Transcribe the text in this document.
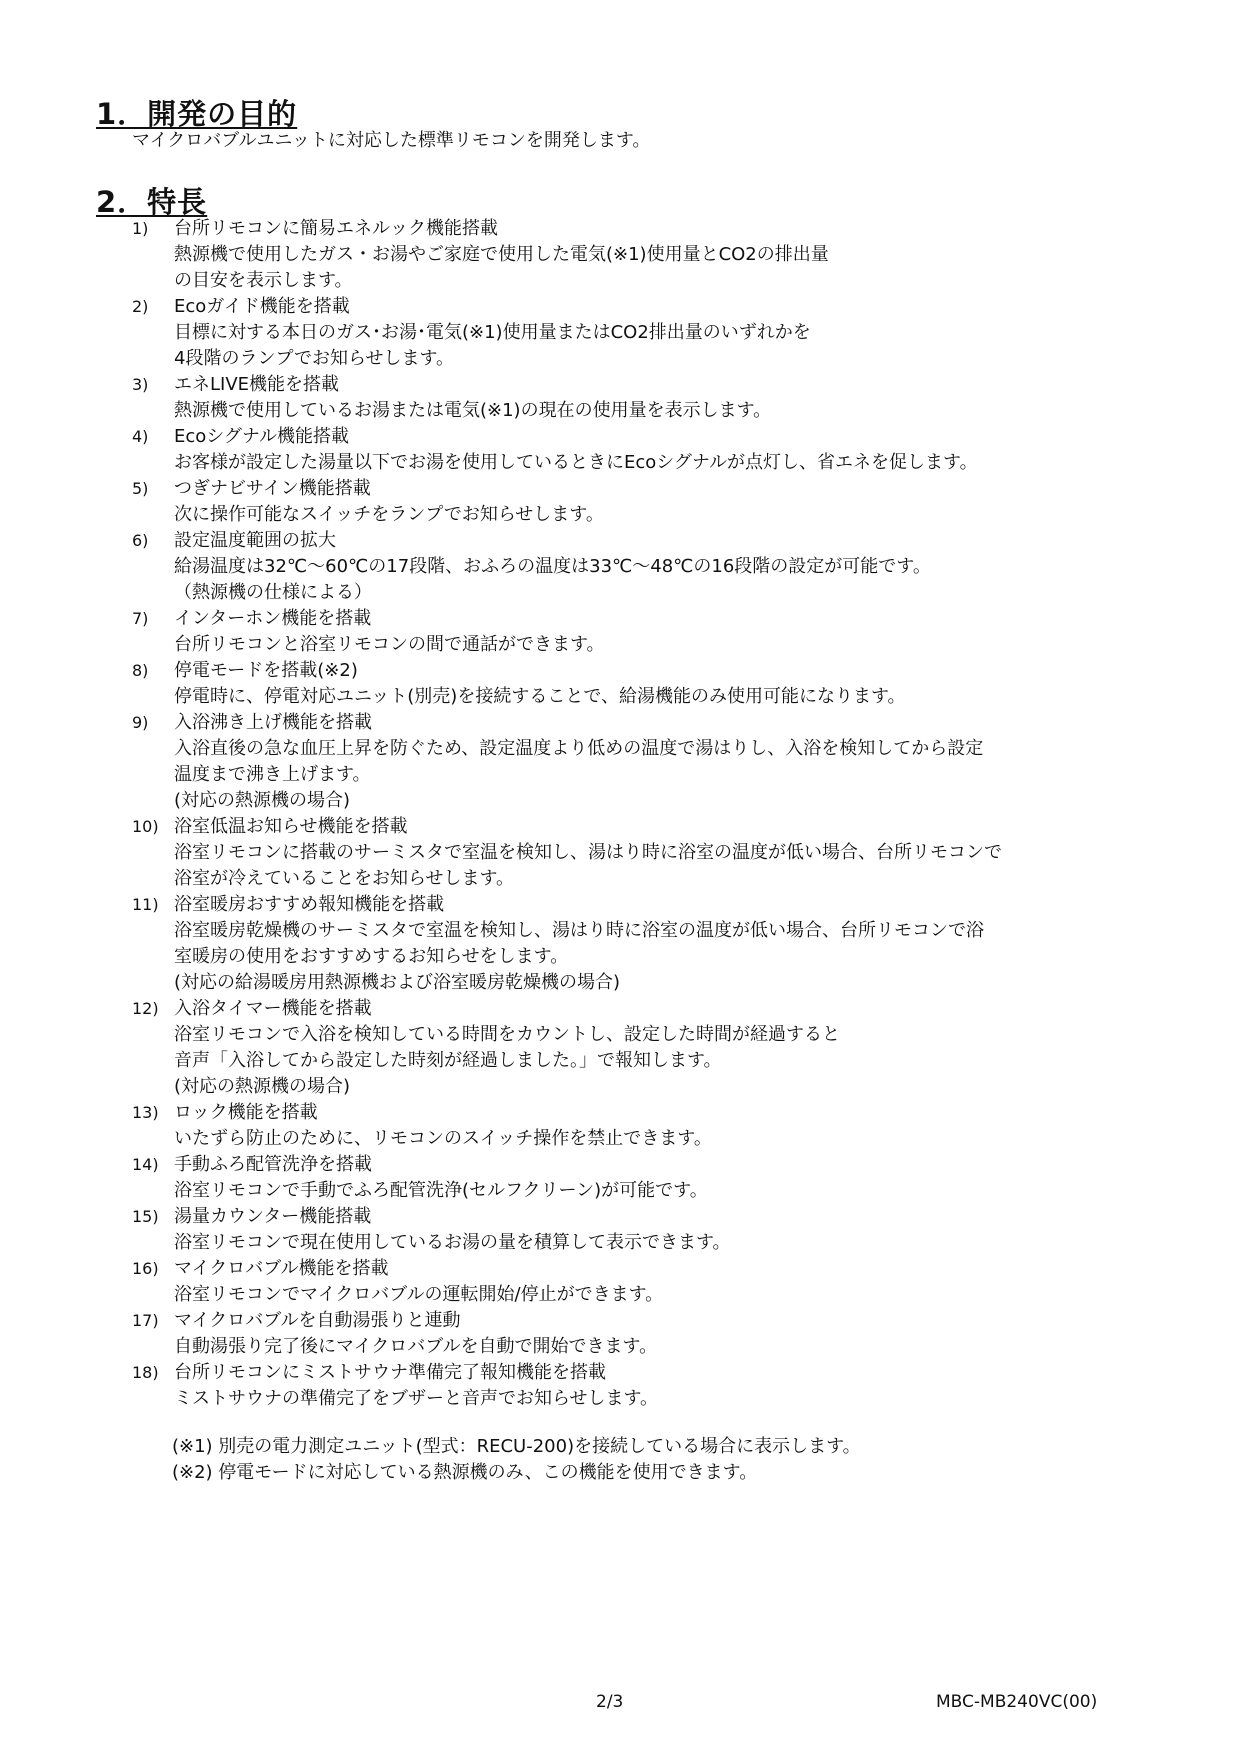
1．開発の目的

マイクロバブルユニットに対応した標準リモコンを開発します。

2．特長
1)	台所リモコンに簡易エネルック機能搭載
熱源機で使用したガス・お湯やご家庭で使用した電気(※1)使用量とCO2の排出量
の目安を表示します。
2)	Ecoガイド機能を搭載
目標に対する本日のガス･お湯･電気(※1)使用量またはCO2排出量のいずれかを
4段階のランプでお知らせします。
3)	エネLIVE機能を搭載
熱源機で使用しているお湯または電気(※1)の現在の使用量を表示します。
4)	Ecoシグナル機能搭載
お客様が設定した湯量以下でお湯を使用しているときにEcoシグナルが点灯し、省エネを促します。
5)	つぎナビサイン機能搭載
次に操作可能なスイッチをランプでお知らせします。
6)	設定温度範囲の拡大
給湯温度は32℃～60℃の17段階、おふろの温度は33℃～48℃の16段階の設定が可能です。
（熱源機の仕様による）
7)	インターホン機能を搭載
台所リモコンと浴室リモコンの間で通話ができます。
8)	停電モードを搭載(※2)
停電時に、停電対応ユニット(別売)を接続することで、給湯機能のみ使用可能になります。
9)	入浴沸き上げ機能を搭載
入浴直後の急な血圧上昇を防ぐため、設定温度より低めの温度で湯はりし、入浴を検知してから設定
温度まで沸き上げます。
(対応の熱源機の場合)
10) 浴室低温お知らせ機能を搭載
浴室リモコンに搭載のサーミスタで室温を検知し、湯はり時に浴室の温度が低い場合、台所リモコンで
浴室が冷えていることをお知らせします。
11) 浴室暖房おすすめ報知機能を搭載
浴室暖房乾燥機のサーミスタで室温を検知し、湯はり時に浴室の温度が低い場合、台所リモコンで浴
室暖房の使用をおすすめするお知らせをします。
(対応の給湯暖房用熱源機および浴室暖房乾燥機の場合)
12) 入浴タイマー機能を搭載
浴室リモコンで入浴を検知している時間をカウントし、設定した時間が経過すると
音声「入浴してから設定した時刻が経過しました。」で報知します。
(対応の熱源機の場合)
13) ロック機能を搭載
いたずら防止のために、リモコンのスイッチ操作を禁止できます。
14) 手動ふろ配管洗浄を搭載
浴室リモコンで手動でふろ配管洗浄(セルフクリーン)が可能です。
15) 湯量カウンター機能搭載
浴室リモコンで現在使用しているお湯の量を積算して表示できます。
16) マイクロバブル機能を搭載
浴室リモコンでマイクロバブルの運転開始/停止ができます。
17) マイクロバブルを自動湯張りと連動
自動湯張り完了後にマイクロバブルを自動で開始できます。
18) 台所リモコンにミストサウナ準備完了報知機能を搭載
ミストサウナの準備完了をブザーと音声でお知らせします。
(※1) 別売の電力測定ユニット(型式：RECU-200)を接続している場合に表示します。
(※2) 停電モードに対応している熱源機のみ、この機能を使用できます。
2/3	MBC-MB240VC(00)
